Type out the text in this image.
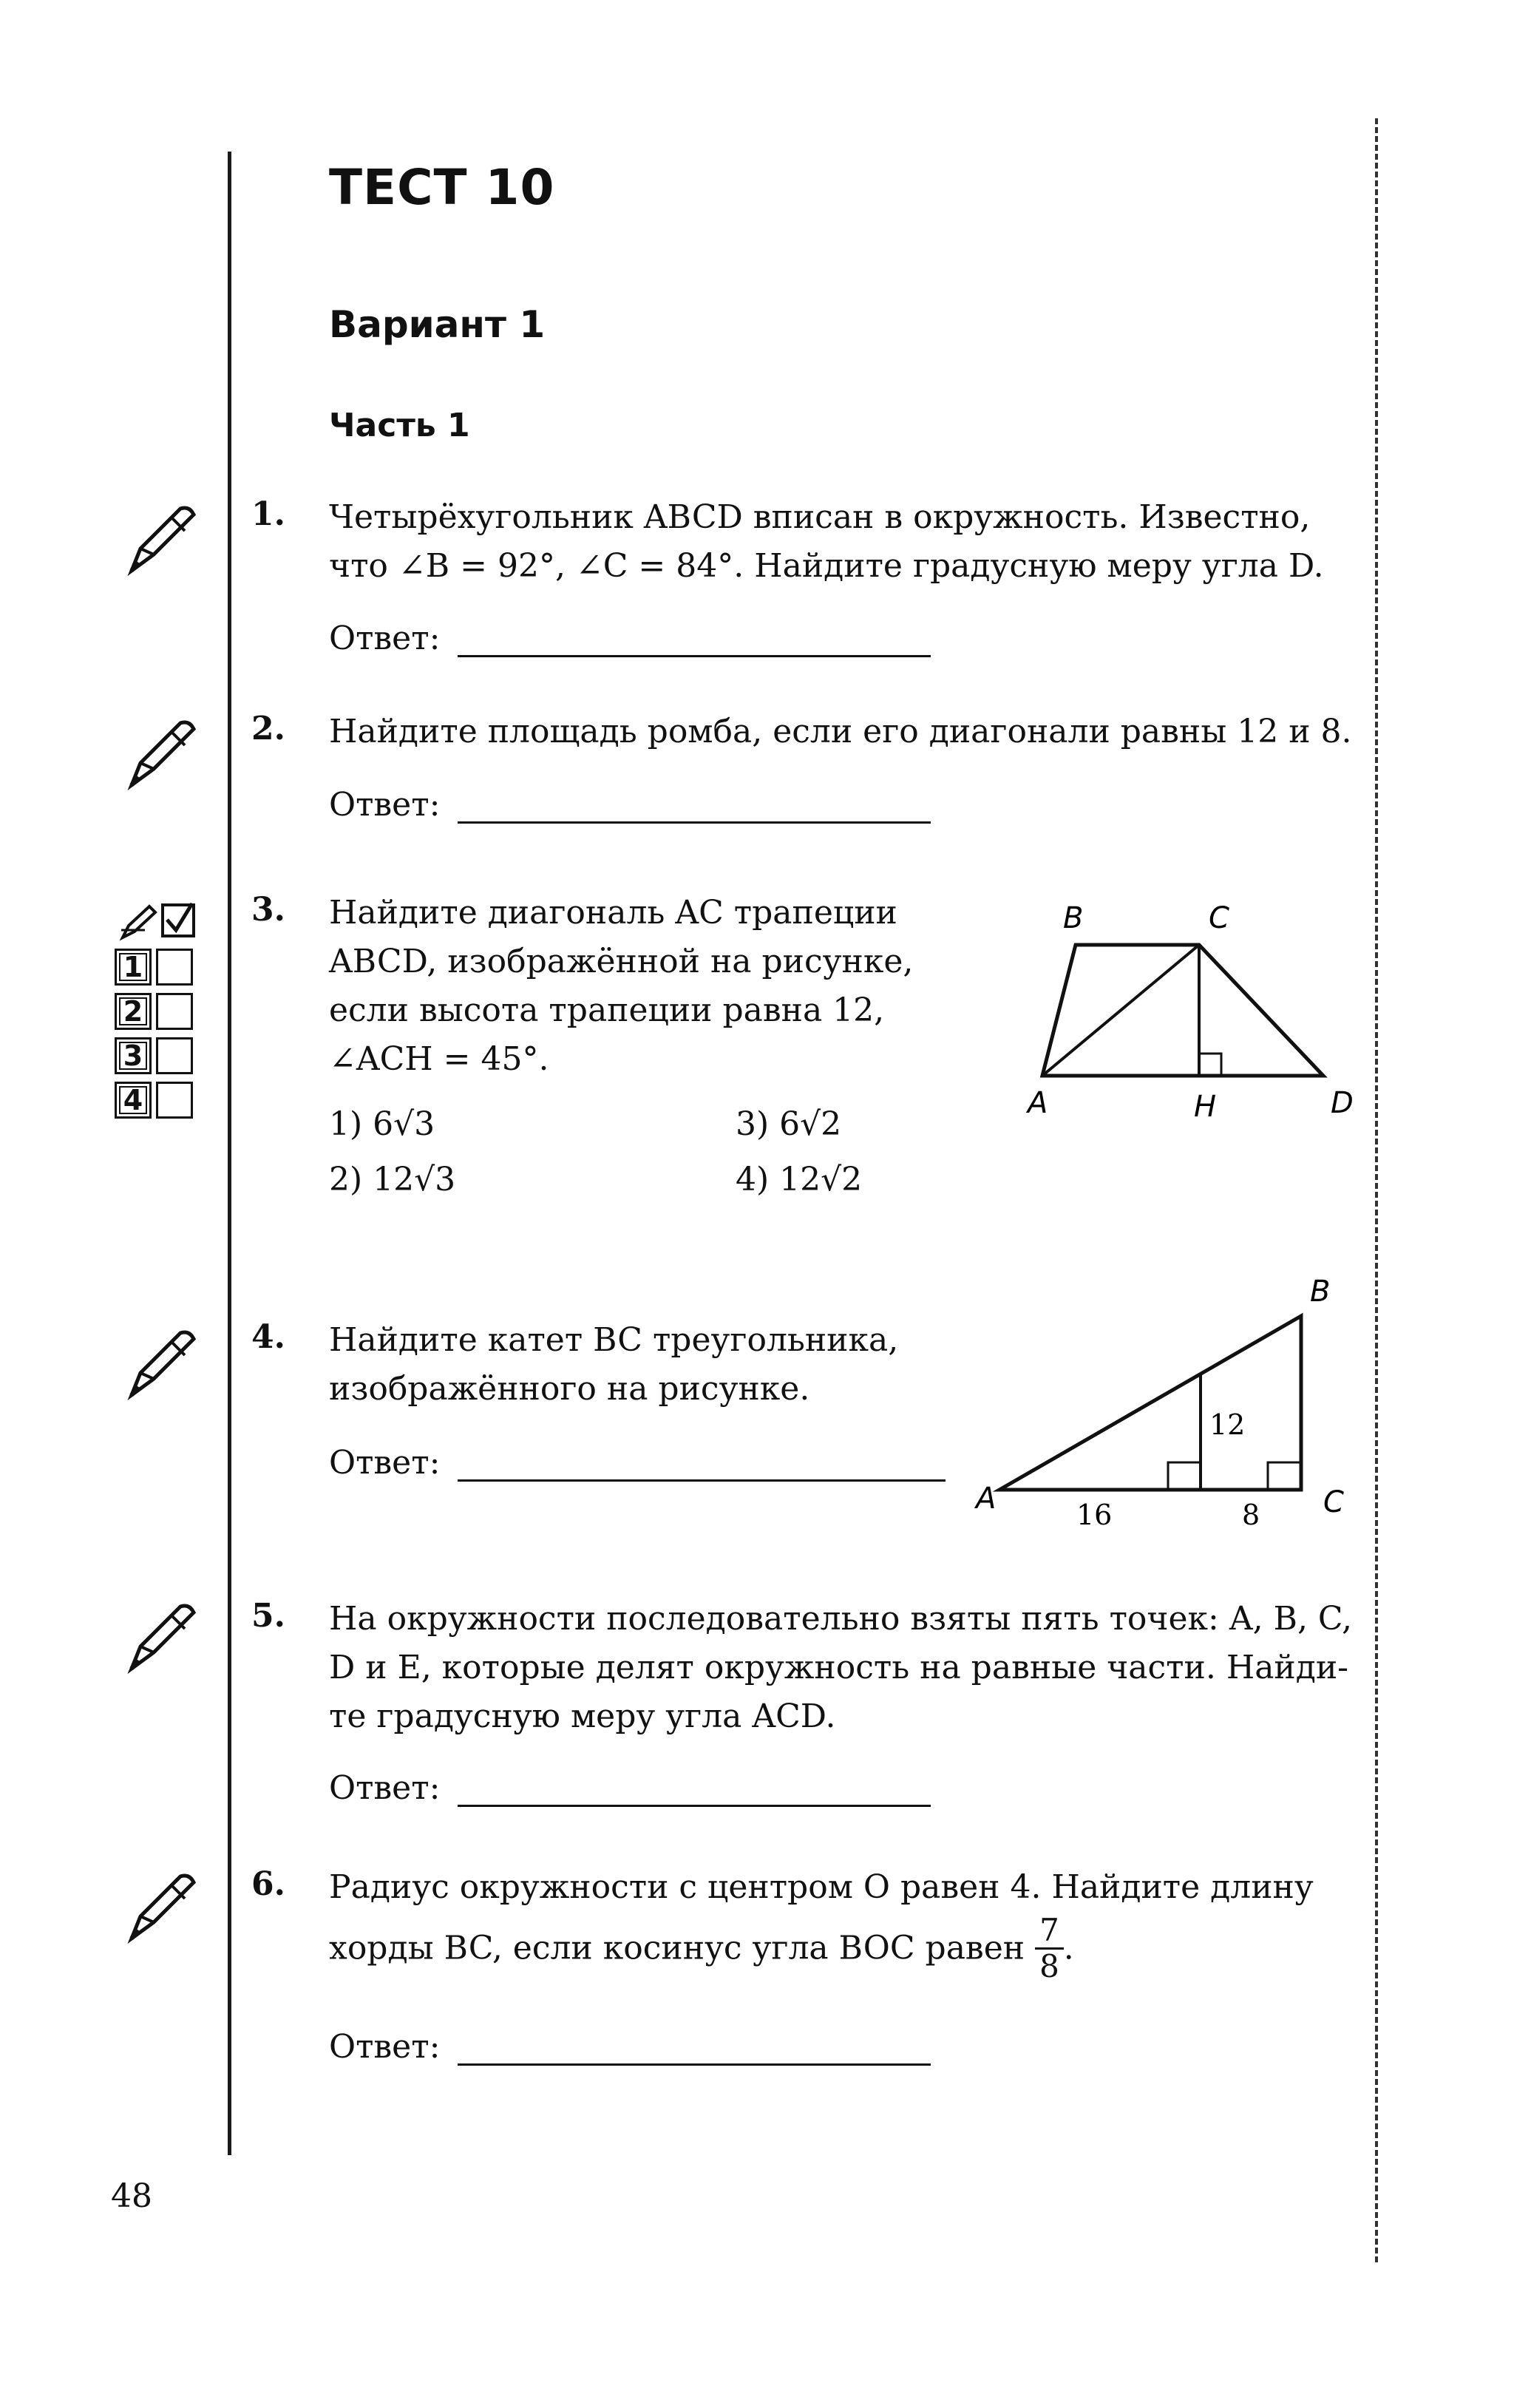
ТЕСТ 10
Вариант 1
Часть 1
1. Четырёхугольник ABCD вписан в окружность. Известно,
что ∠B = 92°, ∠C = 84°. Найдите градусную меру угла D.
Ответ:
2. Найдите площадь ромба, если его диагонали равны 12 и 8.
Ответ:
1
2
3
4
3. Найдите диагональ AC трапеции
ABCD, изображённой на рисунке,
если высота трапеции равна 12,
∠ACH = 45°.
1) 6√3
2) 12√3
3) 6√2
4) 12√2
A
B	C
H	D
4. Найдите катет BC треугольника,
изображённого на рисунке.
Ответ:
A
B
C
12
16	8
5. На окружности последовательно взяты пять точек: A, B, C,
D и E, которые делят окружность на равные части. Найди-
те градусную меру угла ACD.
Ответ:
6. Радиус окружности с центром O равен 4. Найдите длину
хорды BC, если косинус угла BOC равен $\frac{7}{8}$ .
Ответ:
48
